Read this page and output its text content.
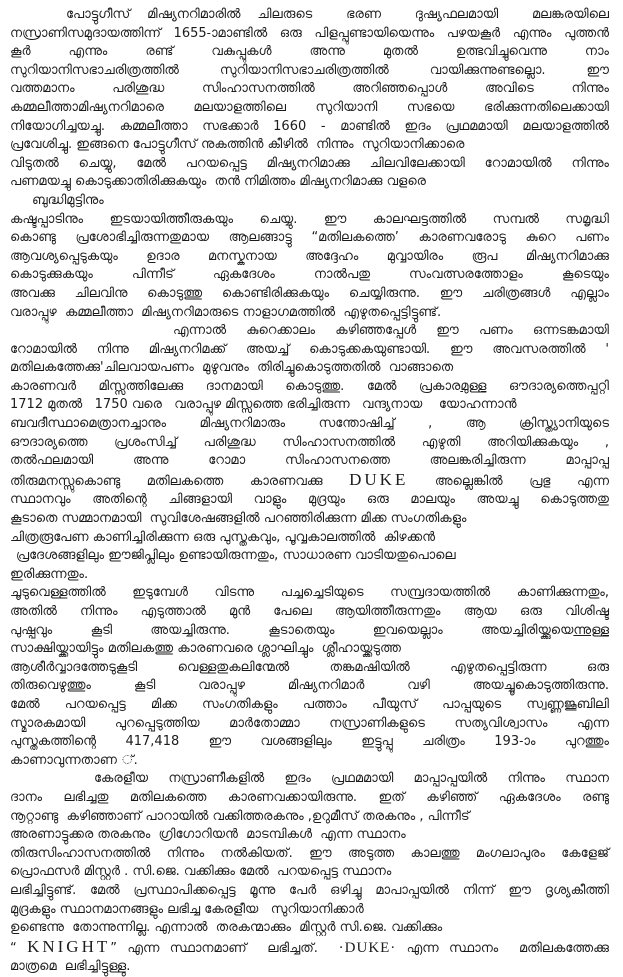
പോട്ടുഗീസ് മിഷ്യനറിമാരിൽ ചിലരുടെ  ഭരണ  ദുഷ്യഫലമായി  മലങ്കരയിലെ
നസ്രാണിസമുദായത്തിന്ന് 1655-ാമാണ്ടിൽ ഒരു പിളപ്പുണ്ടായിയെന്നും പഴയകൂർ എന്നും പുത്തൻ
കൂർ എന്നും രണ്ട് വകുപ്പുകൾ അന്നു മുതൽ ഉത്ഭവിച്ചുവെന്നു നാം
സുറിയാനിസഭാചരിത്രത്തിൽ സുറിയാനിസഭാചരിത്രത്തിൽ വായിക്കുന്നുണ്ടല്ലൊ. ഈ
വത്തമാനം പരിശുദ്ധ സിംഹാസനത്തിൽ അറിഞ്ഞപ്പൊൾ അവിടെ നിന്നും
കമ്മലീത്താമിഷ്യനറിമാരെ മലയാളത്തിലെ സുറിയാനി സഭയെ ഭരിക്കുന്നതിലെക്കായി
നിയോഗിച്ചയച്ചു. കമ്മലീത്താ സഭക്കാർ 1660 - മാണ്ടിൽ ഇദം പ്രഥമമായി മലയാളത്തിൽ
പ്രവേശിച്ചു. ഇങ്ങനെ പോട്ടുഗീസ് നുകത്തിൻ കീഴിൽ  നിന്നും  സുറിയാനിക്കാരെ
വിടുതൽ ചെയ്യു, മേൽ പറയപ്പെട്ട മിഷ്യനറിമാക്കു ചിലവിലേക്കായി റോമായിൽ നിന്നും
പണമയച്ചു കൊടുക്കാതിരിക്കുകയും  തൻ നിമിത്തം മിഷ്യനറിമാക്കു വളരെ
ബുദ്ധിമുട്ടിനും
കഷ്ടപ്പാടിനും ഇടയായിത്തീരുകയും ചെയ്യു. ഈ കാലഘട്ടത്തിൽ സമ്പൽ സമൃദ്ധി
കൊണ്ടു പ്രശോഭിച്ചിരുന്നതുമായ ആലങ്ങാട്ടു “മതിലകത്തെ’ കാരണവരോടു കുറെ പണം
ആവശ്യപ്പെടുകയും ഉദാര മനസ്കനായ അദ്ദേഹം മുവ്വായിരം രൂപ മിഷ്യനറിമാക്കു
കൊടുക്കുകയും പിന്നീട് ഏകദേശം നാൽപതു സംവത്സരത്തോളം കൂടെയും
അവക്കു ചിലവിനു കൊടുത്തു കൊണ്ടിരിക്കുകയും ചെയ്യിരുന്നു. ഈ ചരിത്രങ്ങൾ എല്ലാം
വരാപ്പുഴ  കമ്മലീത്താ  മിഷ്യനറിമാരുടെ നാളാഗമത്തിൽ  എഴുതപ്പെട്ടിട്ടുണ്ട്.
എന്നാൽ കുറെക്കാലം കഴിഞ്ഞപ്പേൾ ഈ പണം ഒന്നടങ്കമായി
റോമായിൽ നിന്നു മിഷ്യനറിമക്ക് അയച്ച് കൊടുക്കകയുണ്ടായി. ഈ അവസരത്തിൽ '
മതിലകത്തേക്കു'ചിലവായപണം  മുഴുവനും  തിരിച്ചുകൊടുത്തതിൽ  വാങ്ങാതെ
കാരണവർ മിസ്സത്തിലേക്കു ദാനമായി കൊടുത്തു. മേൽ പ്രകാരമുള്ള ഔദാര്യത്തെപ്പറ്റി
1712 മുതൽ   1750 വരെ   വരാപ്പുഴ മിസ്സത്തെ ഭരിച്ചിരുന്ന   വന്ദ്യനായ    യോഹന്നാൻ
ബവദീസ്ഥാമെത്രാനച്ചാനും മിഷ്യനറിമാരും സന്തോഷിച്ച് , ആ ക്രിസ്ത്യാനിയുടെ
ഔദാര്യത്തെ പ്രശംസിച്ച് പരിശുദ്ധ സിംഹാസനത്തിൽ എഴുതി അറിയിക്കുകയും ,
തൽഫലമായി അന്നു റോമാ സിംഹാസനത്തെ അലങ്കരിച്ചിരുന്ന മാപ്പാപ്പ
തിരുമനസ്സുകൊണ്ടു മതിലകത്തെ കാരണവക്കു DUKE അല്ലെങ്കിൽ പ്രഭു എന്ന
സ്ഥാനവും അതിന്റെ ചിങ്ങളായി വാളും മുദ്രയും ഒരു മാലയും അയച്ചു കൊടുത്തതു
കൂടാതെ സമ്മാനമായി  സുവിശേഷങ്ങളിൽ പറഞ്ഞിരിക്കുന്ന മിക്ക സംഗതികളും
ചിത്രരൂപേണ കാണിച്ചിരിക്കുന്ന ഒരു പുസ്തകവും, പൂവ്വകാലത്തിൽ  കിഴക്കൻ
പ്രദേശങ്ങളിലും ഈജിപ്ലിലും ഉണ്ടായിരുന്നതും, സാധാരണ വാടിയതുപൊലെ
ഇരിക്കുന്നതും.
ചൂടുവെള്ളത്തിൽ ഇടുമ്പേൾ വിടന്നു പച്ചച്ചെടിയുടെ സമ്പ്രദായത്തിൽ കാണിക്കുന്നതും,
അതിൽ നിന്നും എടുത്താൽ മുൻ പേലെ ആയിത്തീരുന്നതും ആയ ഒരു വിശിഷ്ട
പുഷ്പവും കൂടി അയച്ചിരുന്നു. കൂടാതെയും ഇവയെല്ലാം അയച്ചിരിയ്ക്കുയെന്നുള്ള
സാക്ഷിയ്ക്കായിട്ടും മതിലകത്തു കാരണവരെ ശ്ലാഘിച്ചും  ശ്ലീഹായ്ക്കടുത്ത
ആശീർവ്വാദത്തേടുകൂടി വെള്ളതുകലിന്മേൽ തങ്കമഷിയിൽ എഴുതപ്പെട്ടിരുന്ന ഒരു
തിരുവെഴുത്തും കൂടി വരാപ്പുഴ മിഷ്യനറിമാർ വഴി അയച്ചൂകൊടുത്തിരുന്നു.
മേൽ പറയപ്പെട്ട മിക്ക സംഗതികളും പത്താം പീയുസ് പാപ്പയുടെ സ്വണ്ണജൂബിലി
സ്മാരകമായി പുറപ്പെടുത്തിയ മാർതോമ്മാ നസ്രാണികളുടെ സത്യവിശ്വാസം എന്ന
പുസ്തകത്തിന്റെ 417,418 ഈ വശങ്ങളിലും ഇട്ടുപ്പു ചരിത്രം 193-ാം പുറത്തും
കാണാവുന്നതാണ ്.
കേരളീയ നസ്രാണീകളിൽ ഇദം പ്രഥമമായി മാപ്പാപ്പയിൽ നിന്നും സ്ഥാന
ദാനം ലഭിച്ചതു മതിലകത്തെ കാരണവക്കായിരുന്നു. ഇത് കഴിഞ്ഞ് ഏകദേശം രണ്ടു
നൂറ്റാണ്ടു  കഴിഞ്ഞാണ് പാറായിൽ വക്കിത്തരകനും ,ഉറുമീസ് തരകനും , പിന്നീട്
അരണാട്ടുക്കര തരകനും  ഗ്രിഗോറിയൻ  മാടമ്പികൾ  എന്ന സ്ഥാനം
തിരുസിംഹാസനത്തിൽ നിന്നും നൽകിയത്. ഈ അടുത്ത കാലത്തു മംഗലാപുരം കേളേജ്
പ്രൊഫസർ മിസ്റ്റർ . സി.ജെ. വക്കിക്കും മേൽ  പറയപ്പെട്ട സ്ഥാനം
ലഭിച്ചിട്ടുണ്ട്. മേൽ പ്രസ്ഥാപിക്കപ്പെട്ട മൂന്നു പേർ ഒഴിച്ചു മാപാപ്പയിൽ നിന്ന് ഈ ദൃശ്യകീത്തി
മുദ്രകളും സ്ഥാനമാനങ്ങളും ലഭിച്ച കേരളീയ   സുറിയാനിക്കാർ
ഉണ്ടെന്നു  തോന്നുന്നില്ല. എന്നാൽ  തരകന്മാക്കും  മിസ്റ്റർ സി.ജെ. വക്കിക്കും
“ KNIGHT” എന്ന സ്ഥാനമാണ്  ലഭിച്ചത്.  ·DUKE· എന്ന സ്ഥാനം  മതിലകത്തേക്കു
മാത്രമെ  ലഭിച്ചിട്ടുള്ളു.
